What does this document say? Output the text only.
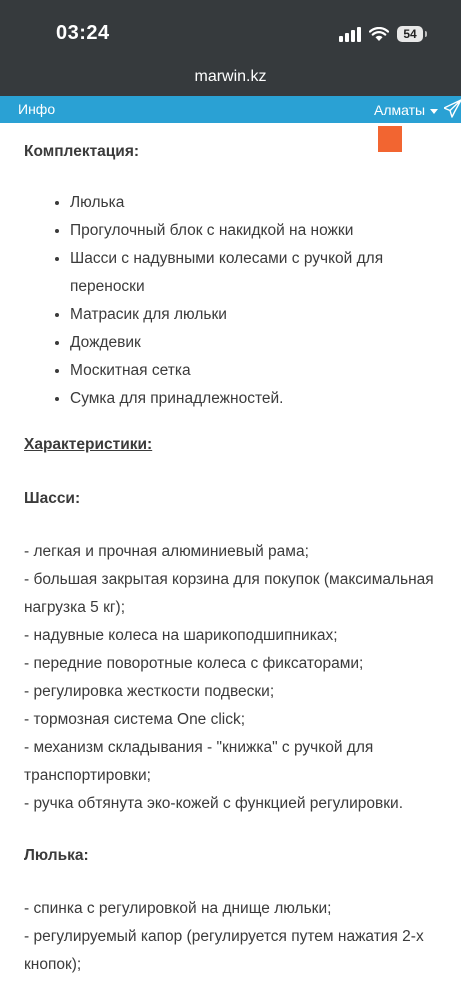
03:24	54
marwin.kz
Инфо	Алматы

Комплектация:

• Люлька
• Прогулочный блок с накидкой на ножки
• Шасси с надувными колесами с ручкой для переноски
• Матрасик для люльки
• Дождевик
• Москитная сетка
• Сумка для принадлежностей.

Характеристики:

Шасси:

- легкая и прочная алюминиевый рама;

- большая закрытая корзина для покупок (максимальная нагрузка 5 кг);

- надувные колеса на шарикоподшипниках;

- передние поворотные колеса с фиксаторами;

- регулировка жесткости подвески;

- тормозная система One click;

- механизм складывания - "книжка" с ручкой для транспортировки;

- ручка обтянута эко-кожей с функцией регулировки.

Люлька:

- спинка с регулировкой на днище люльки;

- регулируемый капор (регулируется путем нажатия 2-х кнопок);
